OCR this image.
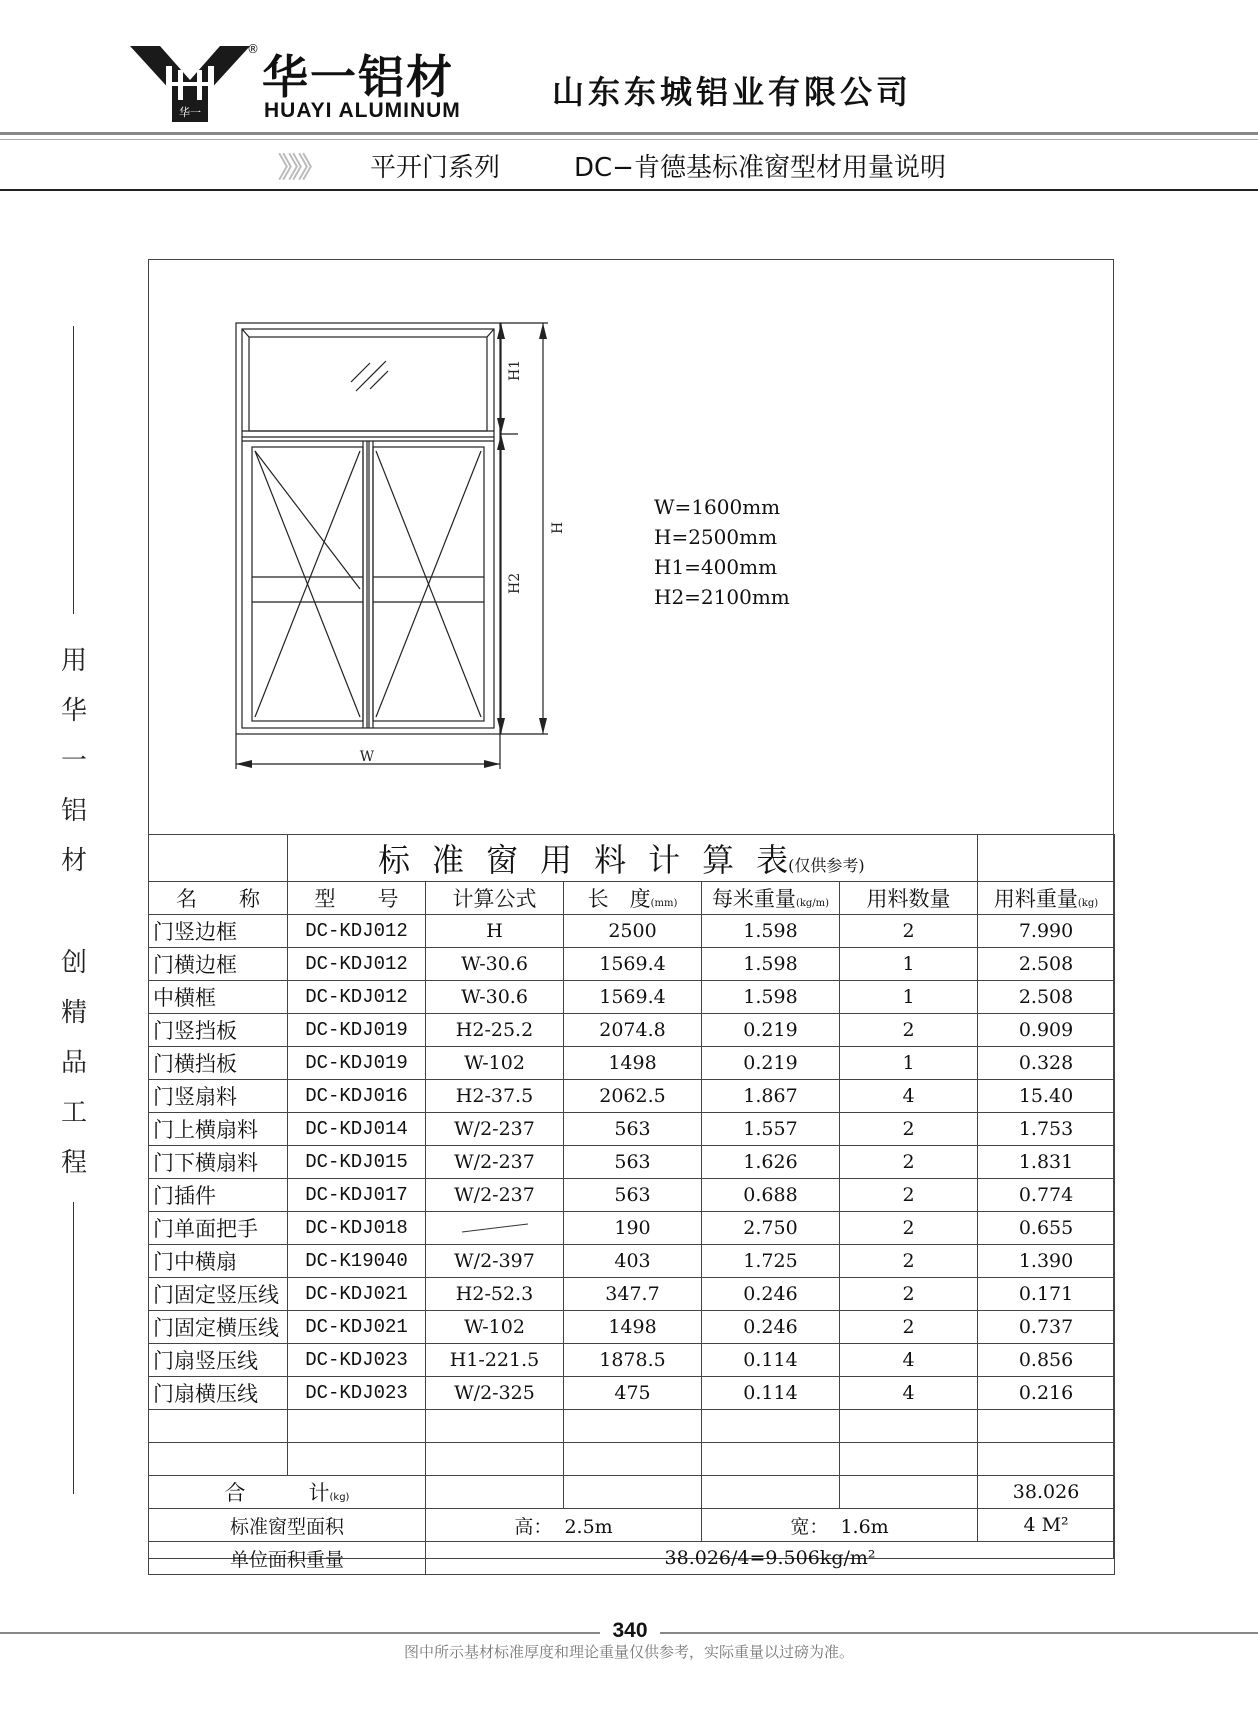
华一
®
华一铝材
HUAYI ALUMINUM	山东东城铝业有限公司
》》》 平开门系列	DC−肯德基标准窗型材用量说明
用
华
一
铝
材
创
精
品
工
程
H1
H2
H
W
W=1600mm
H=2500mm
H1=400mm
H2=2100mm
	标准窗用料计算表(仅供参考)					
名　　称	型　　号	计算公式	长　度(mm)	每米重量(kg/m)	用料数量	用料重量(kg)
门竖边框	DC-KDJ012	H	2500	1.598	2	7.990
门横边框	DC-KDJ012	W-30.6	1569.4	1.598	1	2.508
中横框	DC-KDJ012	W-30.6	1569.4	1.598	1	2.508
门竖挡板	DC-KDJ019	H2-25.2	2074.8	0.219	2	0.909
门横挡板	DC-KDJ019	W-102	1498	0.219	1	0.328
门竖扇料	DC-KDJ016	H2-37.5	2062.5	1.867	4	15.40
门上横扇料	DC-KDJ014	W/2-237	563	1.557	2	1.753
门下横扇料	DC-KDJ015	W/2-237	563	1.626	2	1.831
门插件	DC-KDJ017	W/2-237	563	0.688	2	0.774
门单面把手	DC-KDJ018		190	2.750	2	0.655
门中横扇	DC-K19040	W/2-397	403	1.725	2	1.390
门固定竖压线	DC-KDJ021	H2-52.3	347.7	0.246	2	0.171
门固定横压线	DC-KDJ021	W-102	1498	0.246	2	0.737
门扇竖压线	DC-KDJ023	H1-221.5	1878.5	0.114	4	0.856
门扇横压线	DC-KDJ023	W/2-325	475	0.114	4	0.216

合　　　计(kg)						38.026
标准窗型面积		高： 2.5m		宽： 1.6m		4 M²
单位面积重量		38.026/4=9.506kg/m²				
340
图中所示基材标准厚度和理论重量仅供参考，实际重量以过磅为准。
